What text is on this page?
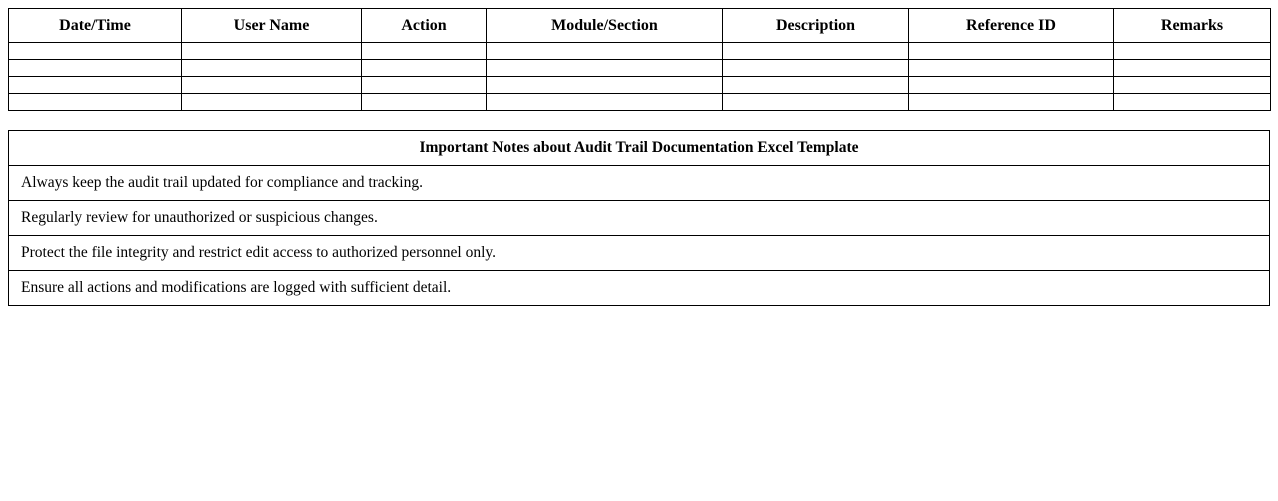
Date/Time	User Name	Action	Module/Section	Description	Reference ID	Remarks

Important Notes about Audit Trail Documentation Excel Template
Always keep the audit trail updated for compliance and tracking.
Regularly review for unauthorized or suspicious changes.
Protect the file integrity and restrict edit access to authorized personnel only.
Ensure all actions and modifications are logged with sufficient detail.
